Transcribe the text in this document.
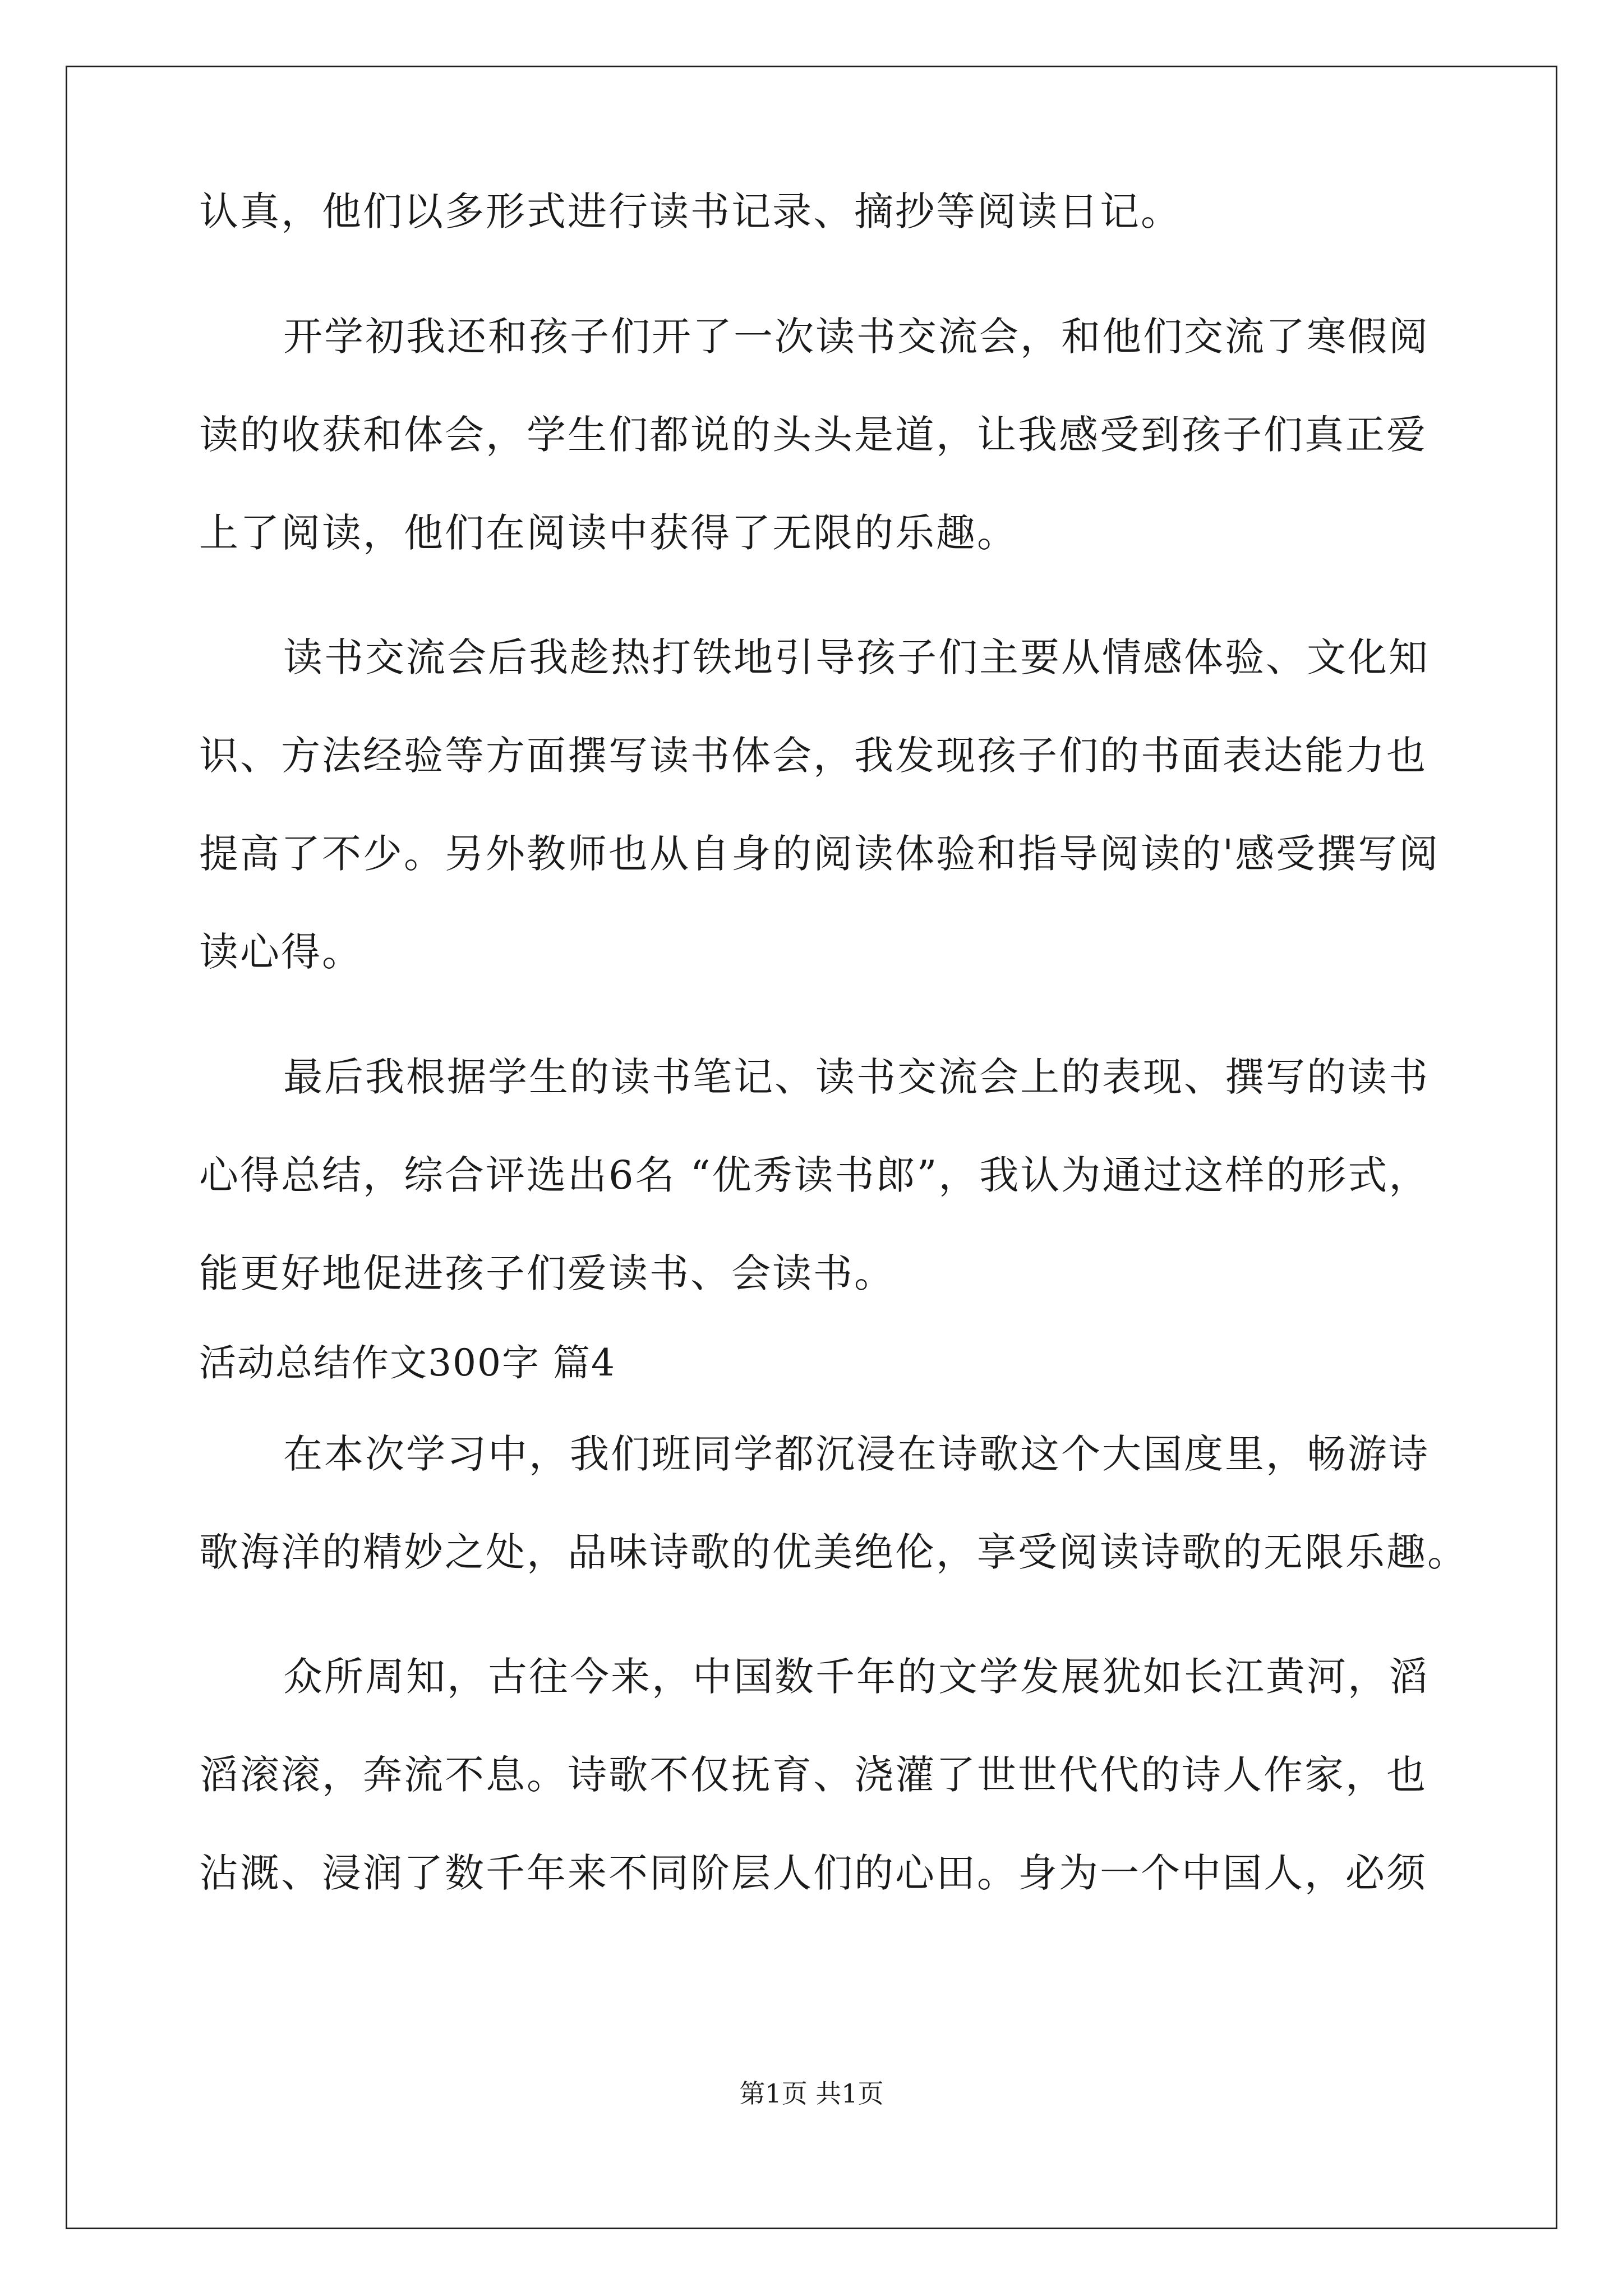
认真，他们以多形式进行读书记录、摘抄等阅读日记。
开学初我还和孩子们开了一次读书交流会，和他们交流了寒假阅
读的收获和体会，学生们都说的头头是道，让我感受到孩子们真正爱
上了阅读，他们在阅读中获得了无限的乐趣。
读书交流会后我趁热打铁地引导孩子们主要从情感体验、文化知
识、方法经验等方面撰写读书体会，我发现孩子们的书面表达能力也
提高了不少。另外教师也从自身的阅读体验和指导阅读的'感受撰写阅
读心得。
最后我根据学生的读书笔记、读书交流会上的表现、撰写的读书
心得总结，综合评选出6名 “优秀读书郎”，我认为通过这样的形式，
能更好地促进孩子们爱读书、会读书。
活动总结作文300字 篇4
在本次学习中，我们班同学都沉浸在诗歌这个大国度里，畅游诗
歌海洋的精妙之处，品味诗歌的优美绝伦，享受阅读诗歌的无限乐趣。
众所周知，古往今来，中国数千年的文学发展犹如长江黄河，滔
滔滚滚，奔流不息。诗歌不仅抚育、浇灌了世世代代的诗人作家，也
沾溉、浸润了数千年来不同阶层人们的心田。身为一个中国人，必须
第1页 共1页
